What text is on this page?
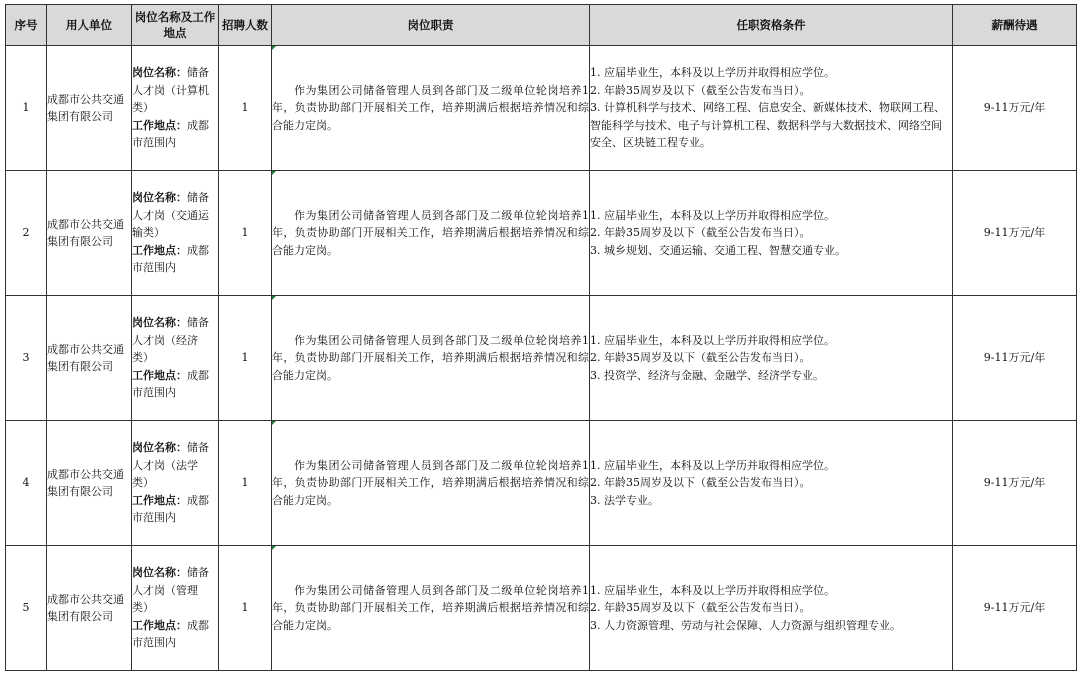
序号	用人单位	岗位名称及工作地点	招聘人数	岗位职责	任职资格条件	薪酬待遇
1	成都市公共交通集团有限公司	岗位名称：储备人才岗（计算机类）
工作地点：成都市范围内	1	作为集团公司储备管理人员到各部门及二级单位轮岗培养1年，负责协助部门开展相关工作，培养期满后根据培养情况和综合能力定岗。	1. 应届毕业生，本科及以上学历并取得相应学位。
2. 年龄35周岁及以下（截至公告发布当日）。
3. 计算机科学与技术、网络工程、信息安全、新媒体技术、物联网工程、智能科学与技术、电子与计算机工程、数据科学与大数据技术、网络空间安全、区块链工程专业。	9-11万元/年
2	成都市公共交通集团有限公司	岗位名称：储备人才岗（交通运输类）
工作地点：成都市范围内	1	作为集团公司储备管理人员到各部门及二级单位轮岗培养1年，负责协助部门开展相关工作，培养期满后根据培养情况和综合能力定岗。	1. 应届毕业生，本科及以上学历并取得相应学位。
2. 年龄35周岁及以下（截至公告发布当日）。
3. 城乡规划、交通运输、交通工程、智慧交通专业。	9-11万元/年
3	成都市公共交通集团有限公司	岗位名称：储备人才岗（经济类）
工作地点：成都市范围内	1	作为集团公司储备管理人员到各部门及二级单位轮岗培养1年，负责协助部门开展相关工作，培养期满后根据培养情况和综合能力定岗。	1. 应届毕业生，本科及以上学历并取得相应学位。
2. 年龄35周岁及以下（截至公告发布当日）。
3. 投资学、经济与金融、金融学、经济学专业。	9-11万元/年
4	成都市公共交通集团有限公司	岗位名称：储备人才岗（法学类）
工作地点：成都市范围内	1	作为集团公司储备管理人员到各部门及二级单位轮岗培养1年，负责协助部门开展相关工作，培养期满后根据培养情况和综合能力定岗。	1. 应届毕业生，本科及以上学历并取得相应学位。
2. 年龄35周岁及以下（截至公告发布当日）。
3. 法学专业。	9-11万元/年
5	成都市公共交通集团有限公司	岗位名称：储备人才岗（管理类）
工作地点：成都市范围内	1	作为集团公司储备管理人员到各部门及二级单位轮岗培养1年，负责协助部门开展相关工作，培养期满后根据培养情况和综合能力定岗。	1. 应届毕业生，本科及以上学历并取得相应学位。
2. 年龄35周岁及以下（截至公告发布当日）。
3. 人力资源管理、劳动与社会保障、人力资源与组织管理专业。	9-11万元/年
